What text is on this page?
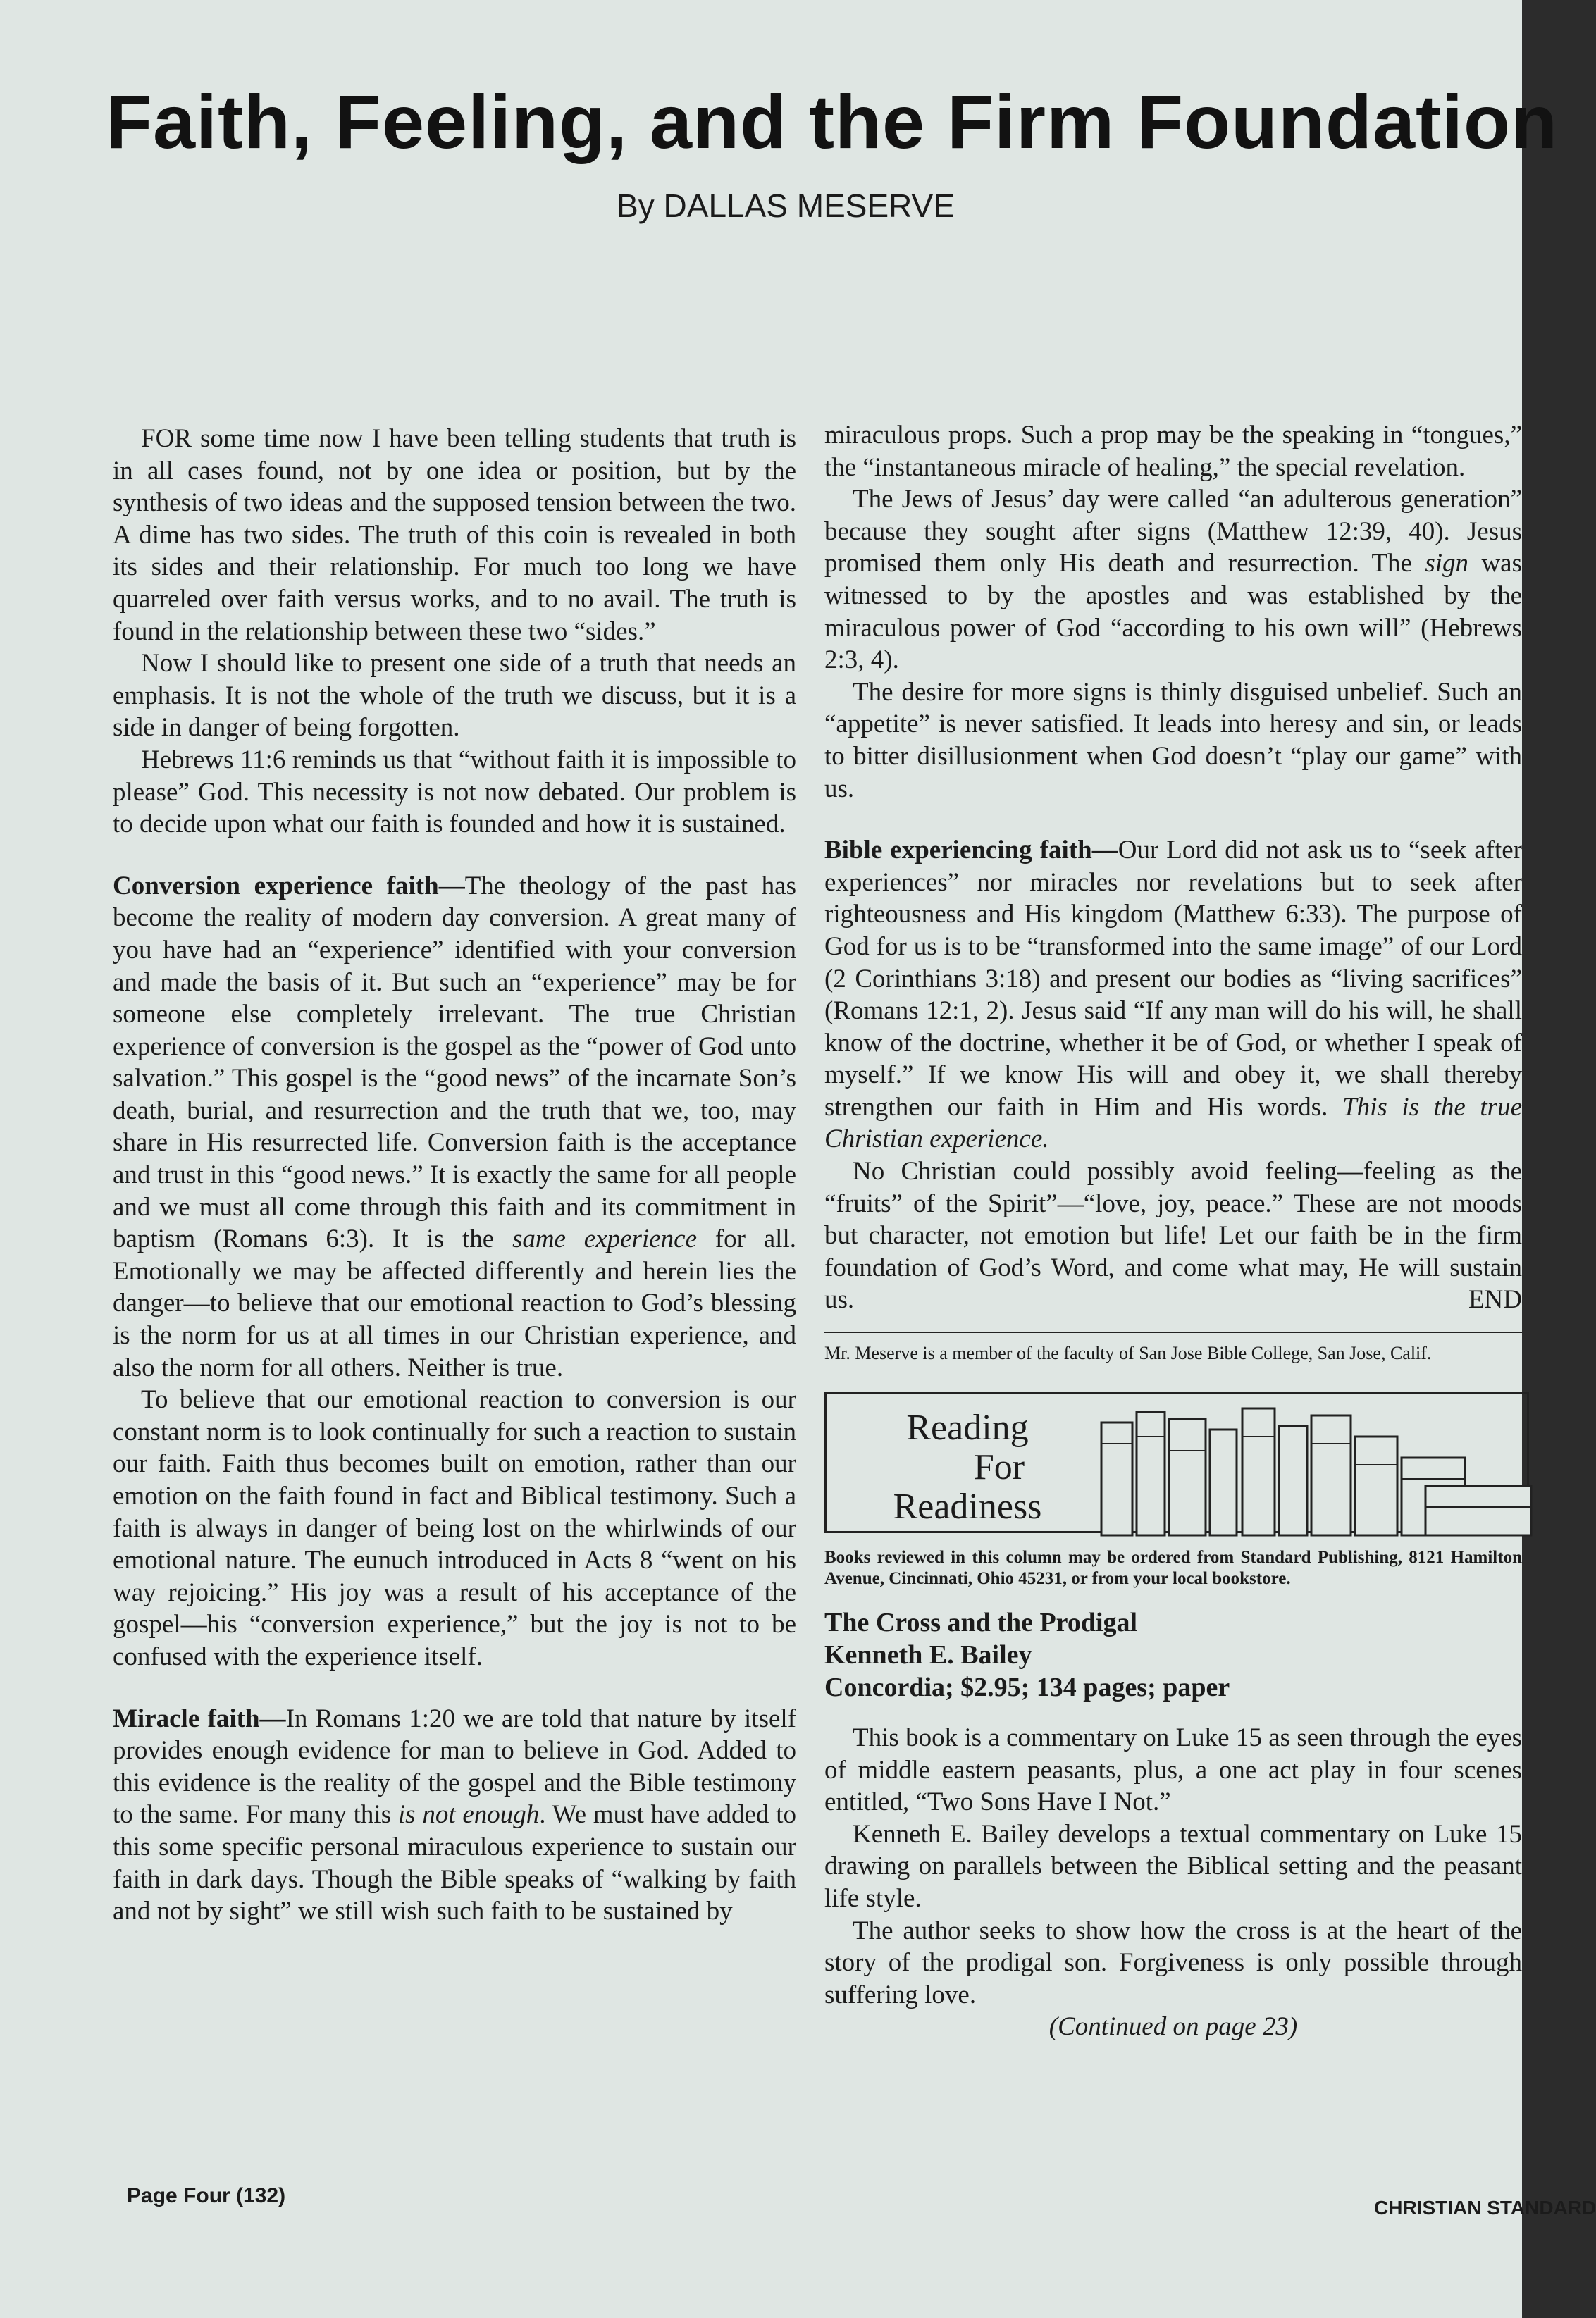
Faith, Feeling, and the Firm Foundation
By DALLAS MESERVE

FOR some time now I have been telling students that truth is in all cases found, not by one idea or position, but by the synthesis of two ideas and the supposed tension between the two. A dime has two sides. The truth of this coin is revealed in both its sides and their relationship. For much too long we have quarreled over faith versus works, and to no avail. The truth is found in the relationship between these two “sides.”

Now I should like to present one side of a truth that needs an emphasis. It is not the whole of the truth we discuss, but it is a side in danger of being forgotten.

Hebrews 11:6 reminds us that “without faith it is impossible to please” God. This necessity is not now debated. Our problem is to decide upon what our faith is founded and how it is sustained.

Conversion experience faith—The theology of the past has become the reality of modern day conversion. A great many of you have had an “experience” identified with your conversion and made the basis of it. But such an “experience” may be for someone else completely irrelevant. The true Christian experience of conversion is the gospel as the “power of God unto salvation.” This gospel is the “good news” of the incarnate Son’s death, burial, and resurrection and the truth that we, too, may share in His resurrected life. Conversion faith is the acceptance and trust in this “good news.” It is exactly the same for all people and we must all come through this faith and its commitment in baptism (Romans 6:3). It is the same experience for all. Emotionally we may be affected differently and herein lies the danger—to believe that our emotional reaction to God’s blessing is the norm for us at all times in our Christian experience, and also the norm for all others. Neither is true.

To believe that our emotional reaction to conversion is our constant norm is to look continually for such a reaction to sustain our faith. Faith thus becomes built on emotion, rather than our emotion on the faith found in fact and Biblical testimony. Such a faith is always in danger of being lost on the whirlwinds of our emotional nature. The eunuch introduced in Acts 8 “went on his way rejoicing.” His joy was a result of his acceptance of the gospel—his “conversion experience,” but the joy is not to be confused with the experience itself.

Miracle faith—In Romans 1:20 we are told that nature by itself provides enough evidence for man to believe in God. Added to this evidence is the reality of the gospel and the Bible testimony to the same. For many this is not enough. We must have added to this some specific personal miraculous experience to sustain our faith in dark days. Though the Bible speaks of “walking by faith and not by sight” we still wish such faith to be sustained by

miraculous props. Such a prop may be the speaking in “tongues,” the “instantaneous miracle of healing,” the special revelation.

The Jews of Jesus’ day were called “an adulterous generation” because they sought after signs (Matthew 12:39, 40). Jesus promised them only His death and resurrection. The sign was witnessed to by the apostles and was established by the miraculous power of God “according to his own will” (Hebrews 2:3, 4).

The desire for more signs is thinly disguised unbelief. Such an “appetite” is never satisfied. It leads into heresy and sin, or leads to bitter disillusionment when God doesn’t “play our game” with us.

Bible experiencing faith—Our Lord did not ask us to “seek after experiences” nor miracles nor revelations but to seek after righteousness and His kingdom (Matthew 6:33). The purpose of God for us is to be “transformed into the same image” of our Lord (2 Corinthians 3:18) and present our bodies as “living sacrifices” (Romans 12:1, 2). Jesus said “If any man will do his will, he shall know of the doctrine, whether it be of God, or whether I speak of myself.” If we know His will and obey it, we shall thereby strengthen our faith in Him and His words. This is the true Christian experience.

No Christian could possibly avoid feeling—feeling as the “fruits” of the Spirit”—“love, joy, peace.” These are not moods but character, not emotion but life! Let our faith be in the firm foundation of God’s Word, and come what may, He will sustain us.	END

Mr. Meserve is a member of the faculty of San Jose Bible College, San Jose, Calif.

Reading
For
Readiness

Books reviewed in this column may be ordered from Standard Publishing, 8121 Hamilton Avenue, Cincinnati, Ohio 45231, or from your local bookstore.

The Cross and the Prodigal
Kenneth E. Bailey
Concordia; $2.95; 134 pages; paper

This book is a commentary on Luke 15 as seen through the eyes of middle eastern peasants, plus, a one act play in four scenes entitled, “Two Sons Have I Not.”

Kenneth E. Bailey develops a textual commentary on Luke 15 drawing on parallels between the Biblical setting and the peasant life style.

The author seeks to show how the cross is at the heart of the story of the prodigal son. Forgiveness is only possible through suffering love.

(Continued on page 23)

Page Four (132)
CHRISTIAN STANDARD
